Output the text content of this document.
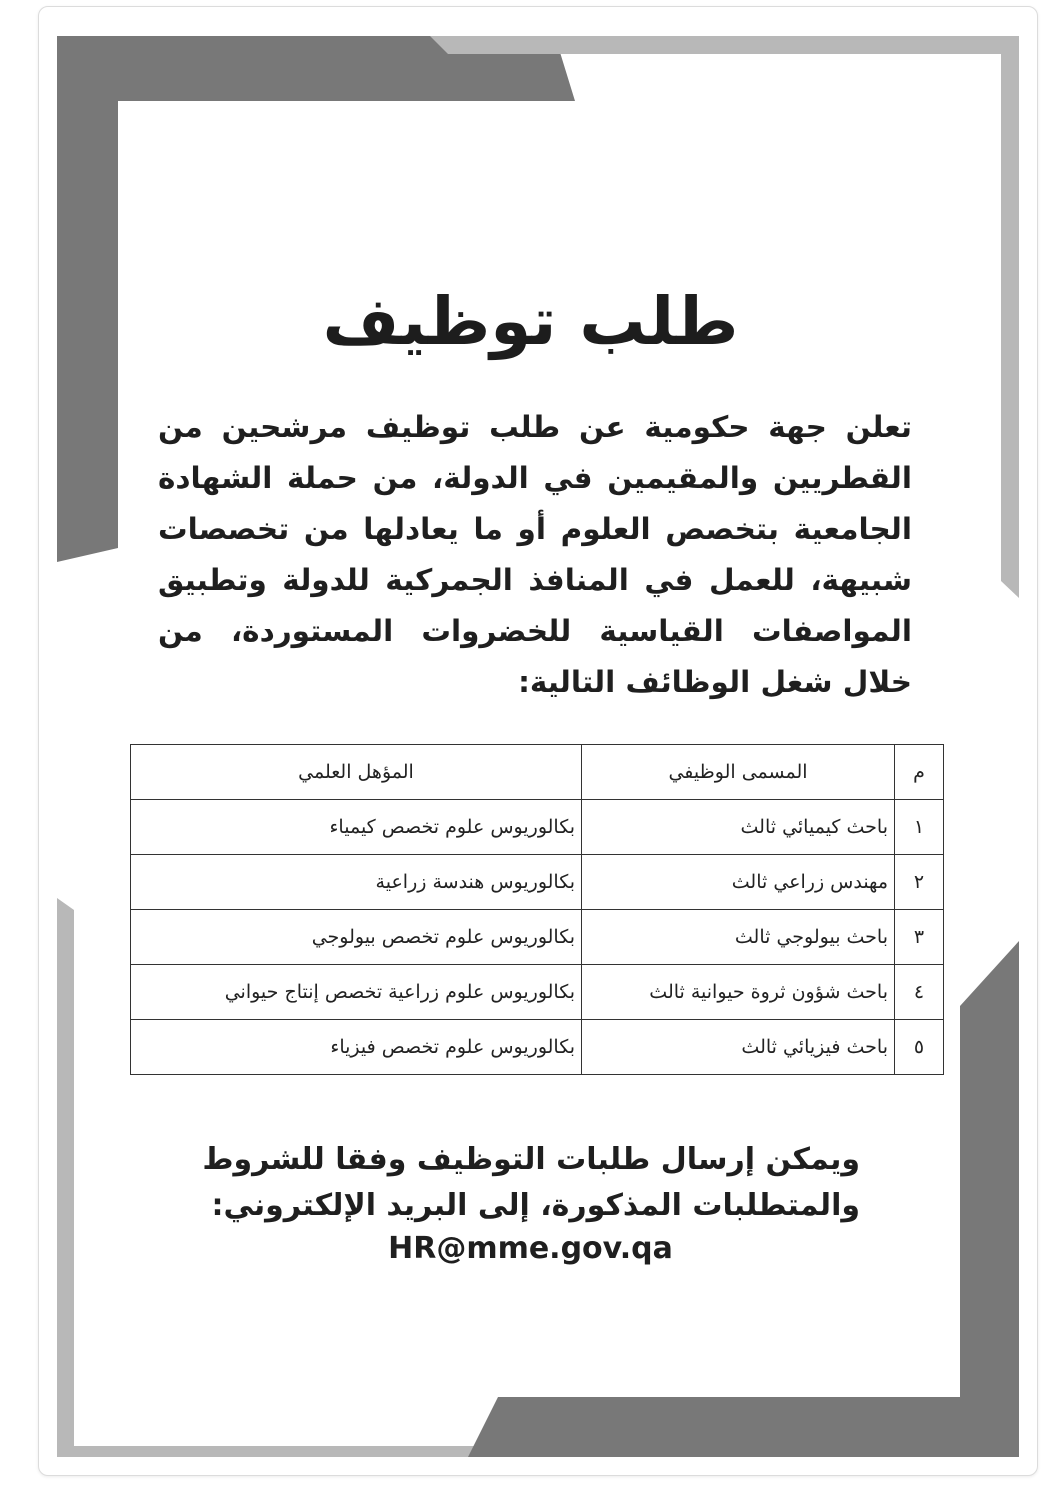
طلب توظيف

تعلن جهة حكومية عن طلب توظيف مرشحين من القطريين والمقيمين في الدولة، من حملة الشهادة الجامعية بتخصص العلوم أو ما يعادلها من تخصصات شبيهة، للعمل في المنافذ الجمركية للدولة وتطبيق المواصفات القياسية للخضروات المستوردة، من خلال شغل الوظائف التالية:

م	المسمى الوظيفي	المؤهل العلمي
١	باحث كيميائي ثالث	بكالوريوس علوم تخصص كيمياء
٢	مهندس زراعي ثالث	بكالوريوس هندسة زراعية
٣	باحث بيولوجي ثالث	بكالوريوس علوم تخصص بيولوجي
٤	باحث شؤون ثروة حيوانية ثالث	بكالوريوس علوم زراعية تخصص إنتاج حيواني
٥	باحث فيزيائي ثالث	بكالوريوس علوم تخصص فيزياء

ويمكن إرسال طلبات التوظيف وفقا للشروط والمتطلبات المذكورة، إلى البريد الإلكتروني:

HR@mme.gov.qa
